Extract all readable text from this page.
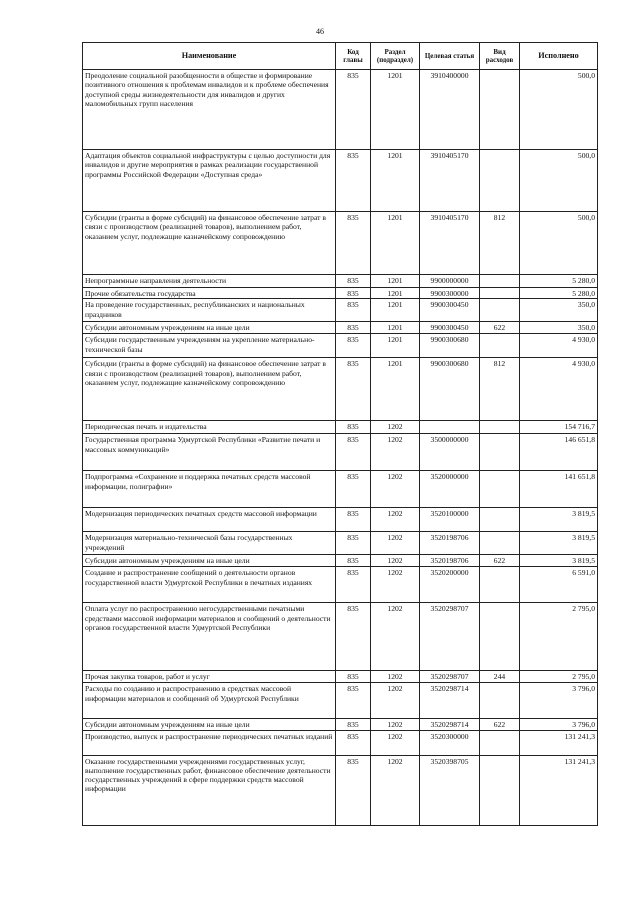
46
Наименование	Код главы	Раздел (подраздел)	Целевая статья	Вид расходов	Исполнено
Преодоление социальной разобщенности в обществе и формирование позитивного отношения к проблемам инвалидов и к проблеме обеспечения доступной среды жизнедеятельности для инвалидов и других маломобильных групп населения	835	1201	3910400000		500,0
Адаптация объектов социальной инфраструктуры с целью доступности для инвалидов и другие мероприятия в рамках реализации государственной программы Российской Федерации «Доступная среда»	835	1201	3910405170		500,0
Субсидии (гранты в форме субсидий) на финансовое обеспечение затрат в связи с производством (реализацией товаров), выполнением работ, оказанием услуг, подлежащие казначейскому сопровождению	835	1201	3910405170	812	500,0
Непрограммные направления деятельности	835	1201	9900000000		5 280,0
Прочие обязательства государства	835	1201	9900300000		5 280,0
На проведение государственных, республиканских и национальных праздников	835	1201	9900300450		350,0
Субсидии автономным учреждениям на иные цели	835	1201	9900300450	622	350,0
Субсидии государственным учреждениям на укрепление материально-технической базы	835	1201	9900300680		4 930,0
Субсидии (гранты в форме субсидий) на финансовое обеспечение затрат в связи с производством (реализацией товаров), выполнением работ, оказанием услуг, подлежащие казначейскому сопровождению	835	1201	9900300680	812	4 930,0
Периодическая печать и издательства	835	1202			154 716,7
Государственная программа Удмуртской Республики «Развитие печати и массовых коммуникаций»	835	1202	3500000000		146 651,8
Подпрограмма «Сохранение и поддержка печатных средств массовой информации, полиграфии»	835	1202	3520000000		141 651,8
Модернизация периодических печатных средств массовой информации	835	1202	3520100000		3 819,5
Модернизация материально-технической базы государственных учреждений	835	1202	3520198706		3 819,5
Субсидии автономным учреждениям на иные цели	835	1202	3520198706	622	3 819,5
Создание и распространение сообщений о деятельности органов государственной власти Удмуртской Республики в печатных изданиях	835	1202	3520200000		6 591,0
Оплата услуг по распространению негосударственными печатными средствами массовой информации материалов и сообщений о деятельности органов государственной власти Удмуртской Республики	835	1202	3520298707		2 795,0
Прочая закупка товаров, работ и услуг	835	1202	3520298707	244	2 795,0
Расходы по созданию и распространению в средствах массовой информации материалов и сообщений об Удмуртской Республики	835	1202	3520298714		3 796,0
Субсидии автономным учреждениям на иные цели	835	1202	3520298714	622	3 796,0
Производство, выпуск и распространение периодических печатных изданий	835	1202	3520300000		131 241,3
Оказание государственными учреждениями государственных услуг, выполнение государственных работ, финансовое обеспечение деятельности государственных учреждений в сфере поддержки средств массовой информации	835	1202	3520398705		131 241,3
